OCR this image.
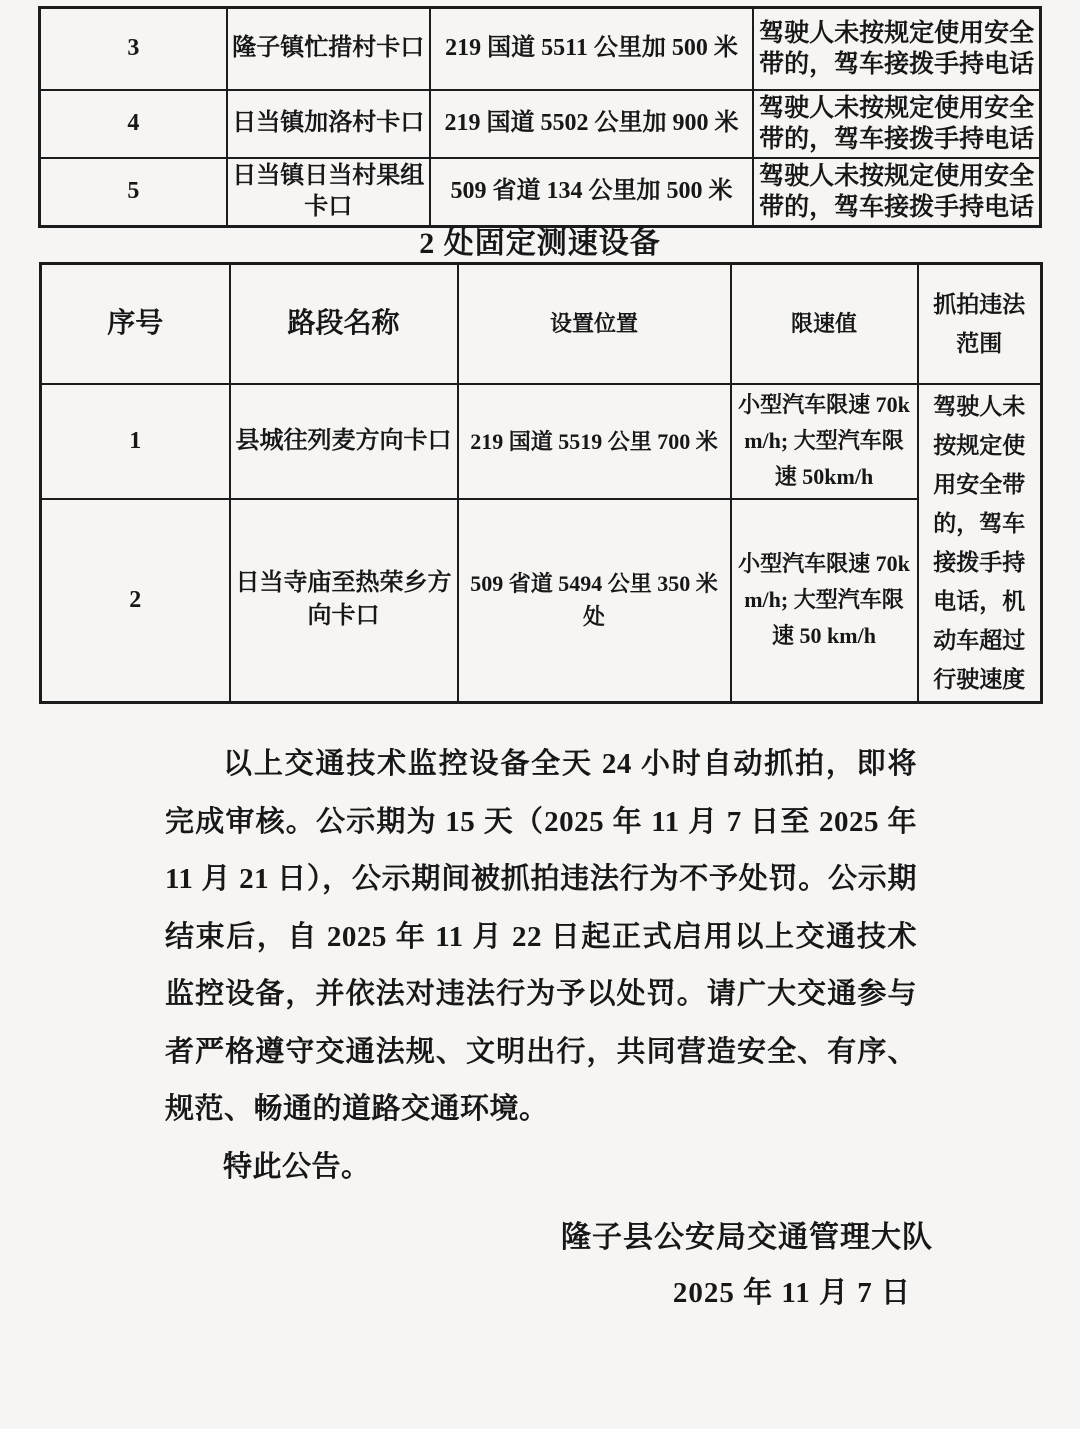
3	隆子镇忙措村卡口	219 国道 5511 公里加 500 米	驾驶人未按规定使用安全带的，驾车接拨手持电话
4	日当镇加洛村卡口	219 国道 5502 公里加 900 米	驾驶人未按规定使用安全带的，驾车接拨手持电话
5	日当镇日当村果组卡口	509 省道 134 公里加 500 米	驾驶人未按规定使用安全带的，驾车接拨手持电话
2 处固定测速设备
序号	路段名称	设置位置	限速值	抓拍违法范围
1	县城往列麦方向卡口	219 国道 5519 公里 700 米	小型汽车限速 70km/h; 大型汽车限速 50km/h	驾驶人未按规定使用安全带的，驾车接拨手持电话，机动车超过行驶速度
2	日当寺庙至热荣乡方向卡口	509 省道 5494 公里 350 米处	小型汽车限速 70km/h; 大型汽车限速 50 km/h	

以上交通技术监控设备全天 24 小时自动抓拍，即将完成审核。公示期为 15 天（2025 年 11 月 7 日至 2025 年 11 月 21 日），公示期间被抓拍违法行为不予处罚。公示期结束后，自 2025 年 11 月 22 日起正式启用以上交通技术监控设备，并依法对违法行为予以处罚。请广大交通参与者严格遵守交通法规、文明出行，共同营造安全、有序、规范、畅通的道路交通环境。

特此公告。

隆子县公安局交通管理大队
2025 年 11 月 7 日
